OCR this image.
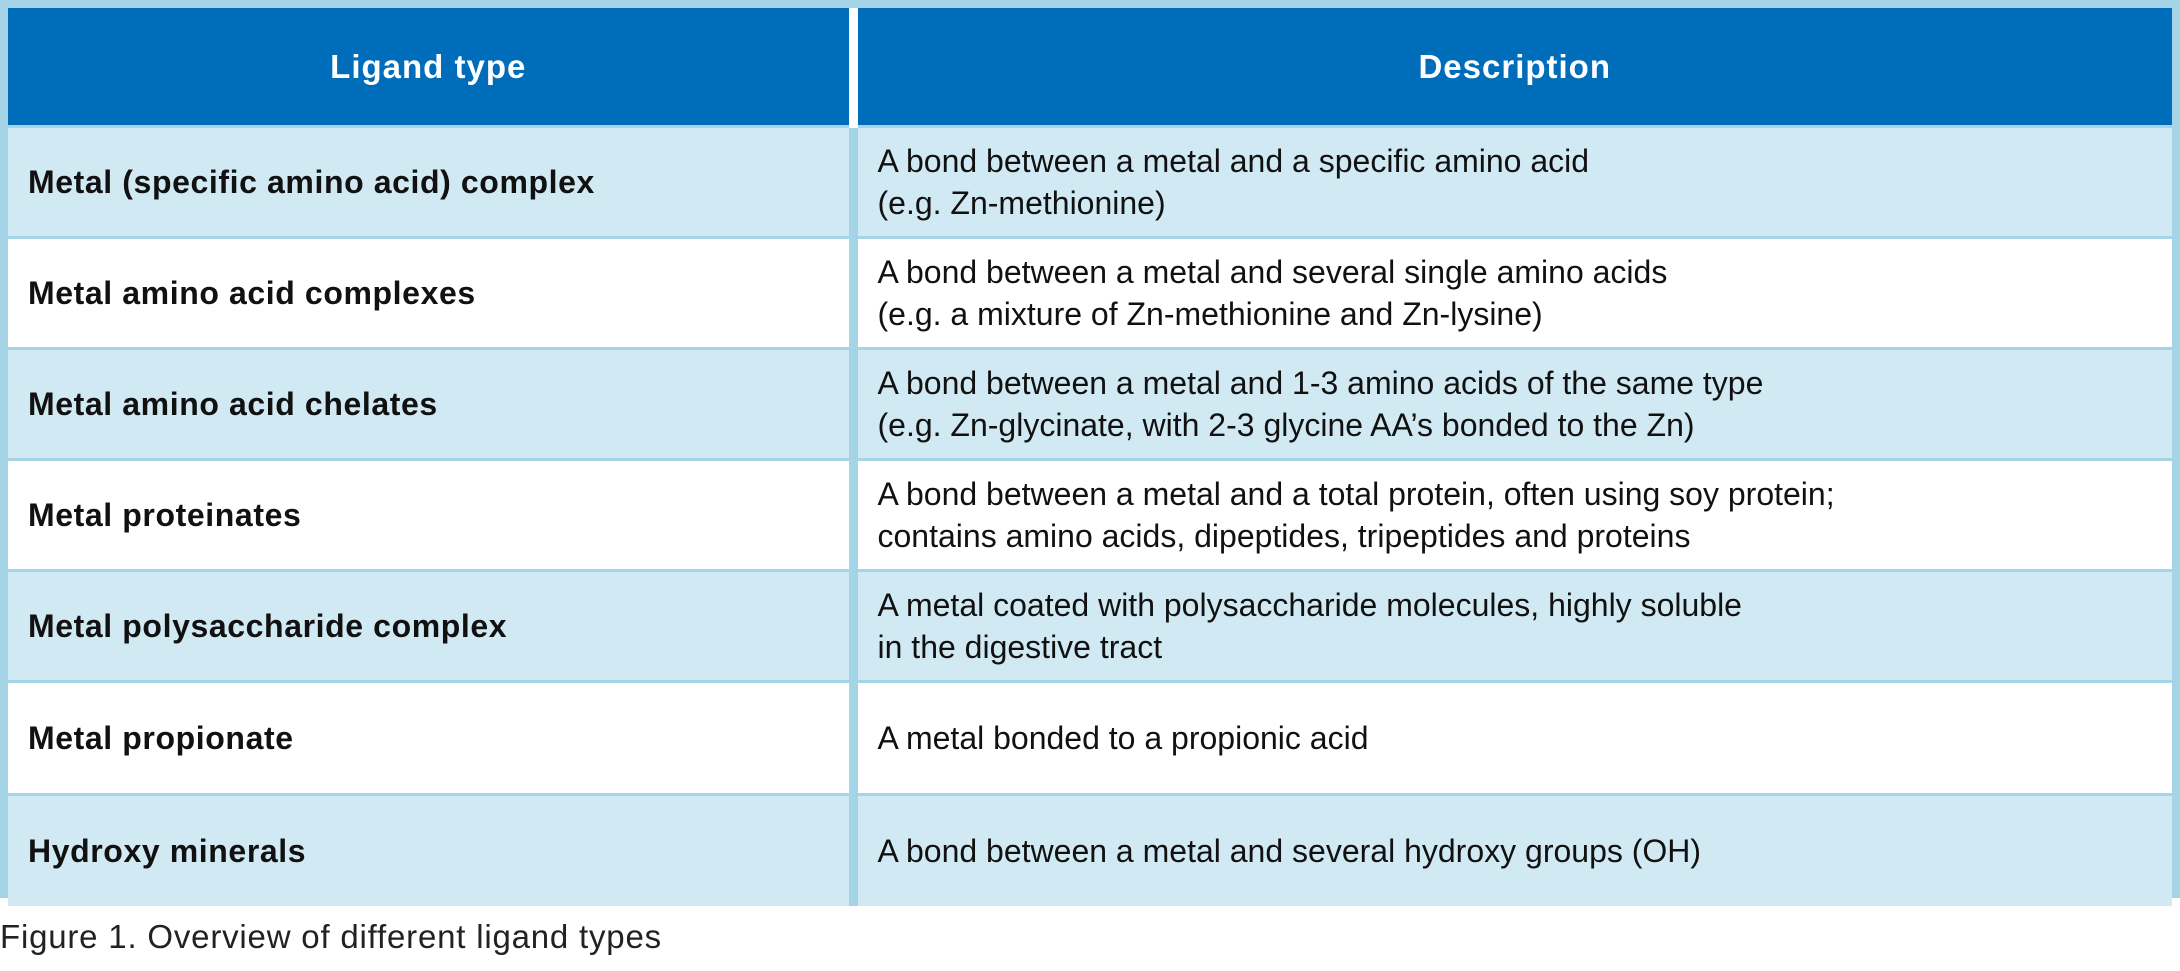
Ligand type	Description
Metal (specific amino acid) complex	A bond between a metal and a specific amino acid
(e.g. Zn-methionine)

Metal amino acid complexes	A bond between a metal and several single amino acids
(e.g. a mixture of Zn-methionine and Zn-lysine)

Metal amino acid chelates	A bond between a metal and 1-3 amino acids of the same type
(e.g. Zn-glycinate, with 2-3 glycine AA’s bonded to the Zn)

Metal proteinates	A bond between a metal and a total protein, often using soy protein;
contains amino acids, dipeptides, tripeptides and proteins

Metal polysaccharide complex	A metal coated with polysaccharide molecules, highly soluble
in the digestive tract

Metal propionate	A metal bonded to a propionic acid

Hydroxy minerals	A bond between a metal and several hydroxy groups (OH)
Figure 1. Overview of different ligand types
